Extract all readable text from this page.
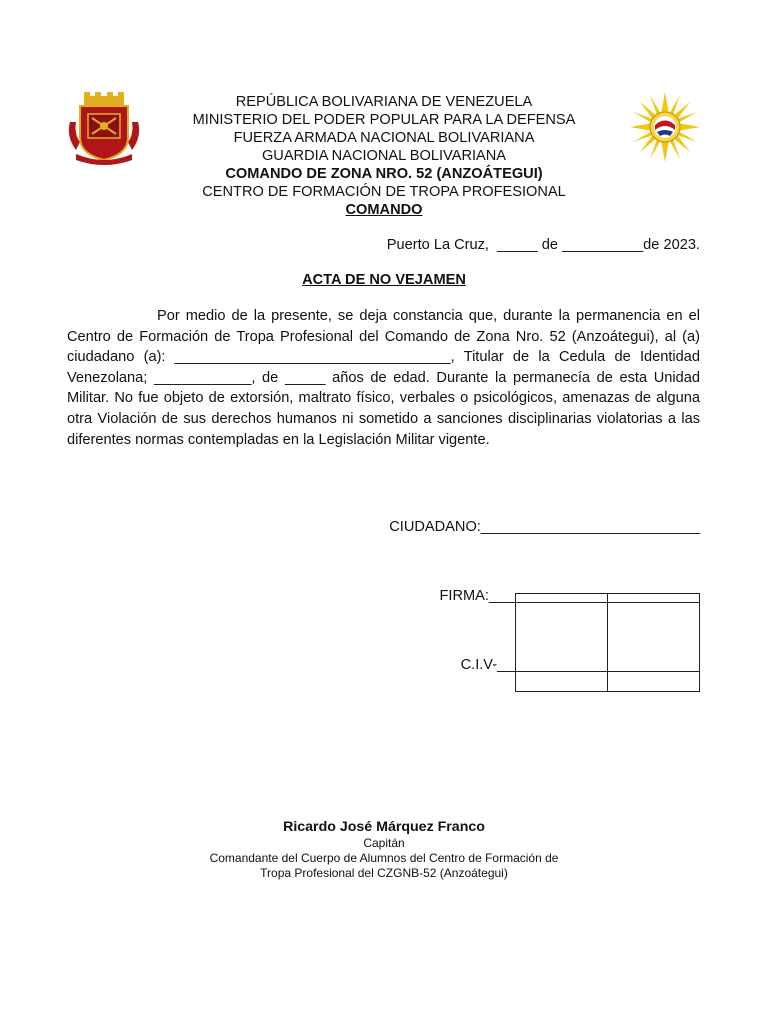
REPÚBLICA BOLIVARIANA DE VENEZUELA
MINISTERIO DEL PODER POPULAR PARA LA DEFENSA
FUERZA ARMADA NACIONAL BOLIVARIANA
GUARDIA NACIONAL BOLIVARIANA
COMANDO DE ZONA NRO. 52 (ANZOÁTEGUI)
CENTRO DE FORMACIÓN DE TROPA PROFESIONAL
COMANDO
Puerto La Cruz,  _____ de __________de 2023.
ACTA DE NO VEJAMEN
Por medio de la presente, se deja constancia que, durante la permanencia en el Centro de Formación de Tropa Profesional del Comando de Zona Nro. 52 (Anzoátegui), al (a) ciudadano (a): __________________________________, Titular de la Cedula de Identidad Venezolana; ____________, de _____ años de edad. Durante la permanecía de esta Unidad Militar. No fue objeto de extorsión, maltrato físico, verbales o psicológicos, amenazas de alguna otra Violación de sus derechos humanos ni sometido a sanciones disciplinarias violatorias a las diferentes normas contempladas en la Legislación Militar vigente.

CIUDADANO:___________________________

FIRMA:__________________________

C.I.V-_________________________

Ricardo José Márquez Franco
Capitán
Comandante del Cuerpo de Alumnos del Centro de Formación de
Tropa Profesional del CZGNB-52 (Anzoátegui)
